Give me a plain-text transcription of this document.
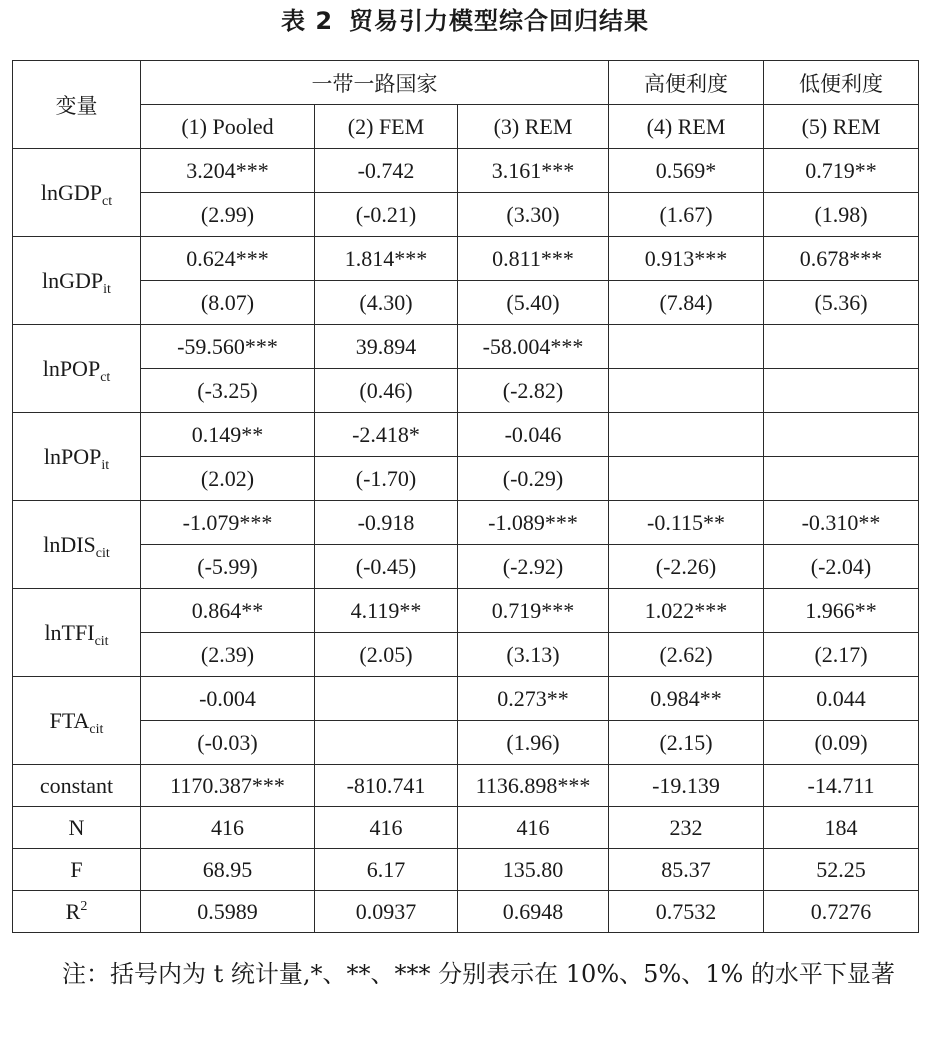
表 2 贸易引力模型综合回归结果
变量	一带一路国家			高便利度	低便利度
	(1) Pooled	(2) FEM	(3) REM	(4) REM	(5) REM
lnGDP$_{ct}$	3.204***	-0.742	3.161***	0.569*	0.719**
	(2.99)	(-0.21)	(3.30)	(1.67)	(1.98)
lnGDP$_{it}$	0.624***	1.814***	0.811***	0.913***	0.678***
	(8.07)	(4.30)	(5.40)	(7.84)	(5.36)
lnPOP$_{ct}$	-59.560***	39.894	-58.004***		
	(-3.25)	(0.46)	(-2.82)		
lnPOP$_{it}$	0.149**	-2.418*	-0.046		
	(2.02)	(-1.70)	(-0.29)		
lnDIS$_{cit}$	-1.079***	-0.918	-1.089***	-0.115**	-0.310**
	(-5.99)	(-0.45)	(-2.92)	(-2.26)	(-2.04)
lnTFI$_{cit}$	0.864**	4.119**	0.719***	1.022***	1.966**
	(2.39)	(2.05)	(3.13)	(2.62)	(2.17)
$FTA_{cit}$	-0.004		0.273**	0.984**	0.044
	(-0.03)		(1.96)	(2.15)	(0.09)
constant	1170.387***	-810.741	1136.898***	-19.139	-14.711
N	416	416	416	232	184
F	68.95	6.17	135.80	85.37	52.25
$R^2$	0.5989	0.0937	0.6948	0.7532	0.7276
注：括号内为 t 统计量,*、**、*** 分别表示在 10%、5%、1% 的水平下显著
